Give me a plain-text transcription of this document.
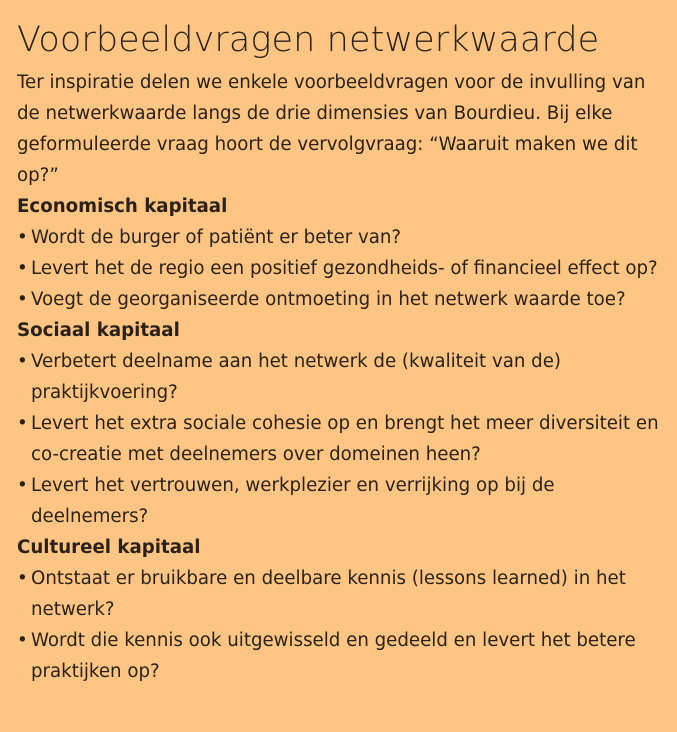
Voorbeeldvragen netwerkwaarde

Ter inspiratie delen we enkele voorbeeldvragen voor de invulling van de netwerkwaarde langs de drie dimensies van Bourdieu. Bij elke geformuleerde vraag hoort de vervolgvraag: “Waaruit maken we dit op?”

Economisch kapitaal
• Wordt de burger of patiënt er beter van?
• Levert het de regio een positief gezondheids- of financieel effect op?
• Voegt de georganiseerde ontmoeting in het netwerk waarde toe?
Sociaal kapitaal
• Verbetert deelname aan het netwerk de (kwaliteit van de) praktijkvoering?
• Levert het extra sociale cohesie op en brengt het meer diversiteit en co-creatie met deelnemers over domeinen heen?
• Levert het vertrouwen, werkplezier en verrijking op bij de deelnemers?
Cultureel kapitaal
• Ontstaat er bruikbare en deelbare kennis (lessons learned) in het netwerk?
• Wordt die kennis ook uitgewisseld en gedeeld en levert het betere praktijken op?
